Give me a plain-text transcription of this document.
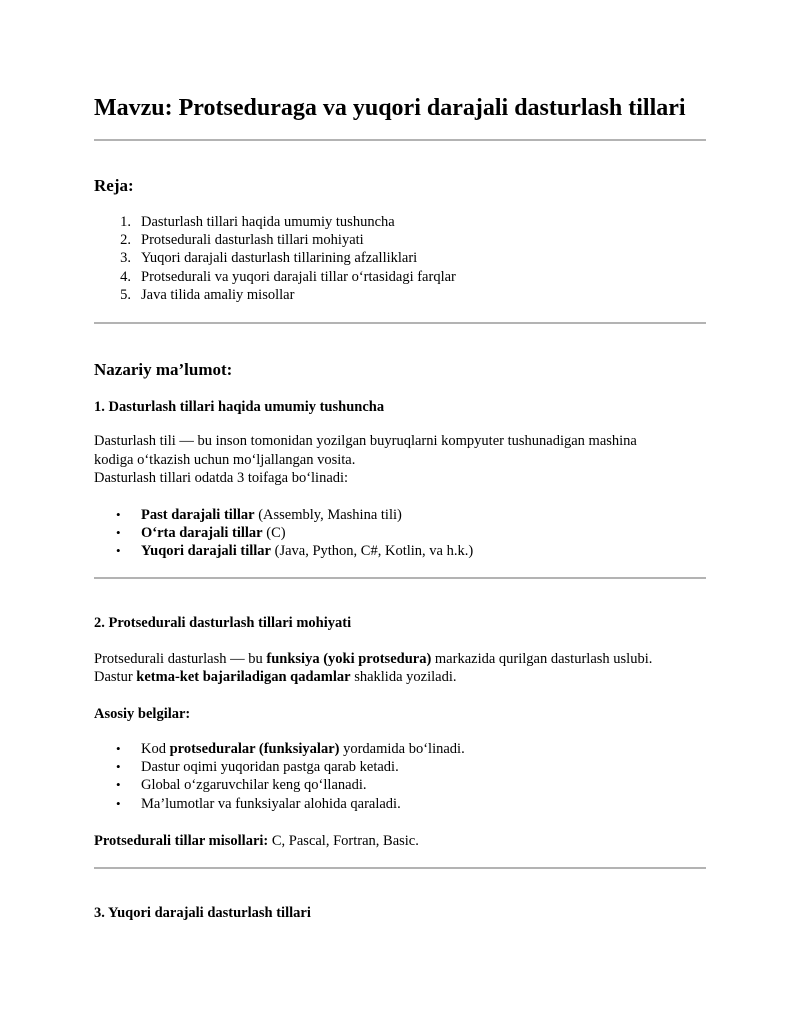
Mavzu: Protseduraga va yuqori darajali dasturlash tillari
Reja:
1. Dasturlash tillari haqida umumiy tushuncha
2. Protsedurali dasturlash tillari mohiyati
3. Yuqori darajali dasturlash tillarining afzalliklari
4. Protsedurali va yuqori darajali tillar o‘rtasidagi farqlar
5. Java tilida amaliy misollar
Nazariy ma’lumot:
1. Dasturlash tillari haqida umumiy tushuncha

Dasturlash tili — bu inson tomonidan yozilgan buyruqlarni kompyuter tushunadigan mashina

kodiga o‘tkazish uchun mo‘ljallangan vosita.

Dasturlash tillari odatda 3 toifaga bo‘linadi:

• Past darajali tillar (Assembly, Mashina tili)
• O‘rta darajali tillar (C)
• Yuqori darajali tillar (Java, Python, C#, Kotlin, va h.k.)
2. Protsedurali dasturlash tillari mohiyati

Protsedurali dasturlash — bu funksiya (yoki protsedura) markazida qurilgan dasturlash uslubi.

Dastur ketma-ket bajariladigan qadamlar shaklida yoziladi.

Asosiy belgilar:
• Kod protseduralar (funksiyalar) yordamida bo‘linadi.
• Dastur oqimi yuqoridan pastga qarab ketadi.
• Global o‘zgaruvchilar keng qo‘llanadi.
• Ma’lumotlar va funksiyalar alohida qaraladi.

Protsedurali tillar misollari: C, Pascal, Fortran, Basic.

3. Yuqori darajali dasturlash tillari
